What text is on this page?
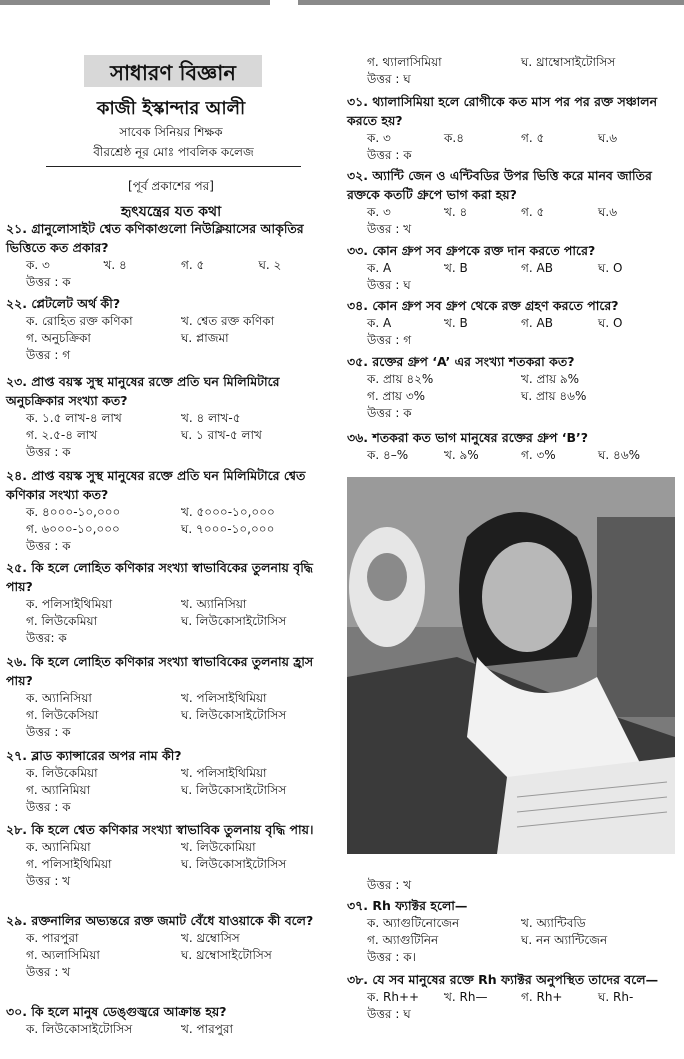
সাধারণ বিজ্ঞান
কাজী ইস্কান্দার আলী
সাবেক সিনিয়র শিক্ষক
বীরশ্রেষ্ঠ নূর মোঃ পাবলিক কলেজ
[পূর্ব প্রকাশের পর]
হৃৎযন্ত্রের যত কথা
২১. গ্রানুলোসাইট শ্বেত কণিকাগুলো নিউক্লিয়াসের আকৃতির ভিত্তিতে কত প্রকার?
ক. ৩	খ. ৪	গ. ৫	ঘ. ২
উত্তর : ক
২২. প্লেটলেট অর্থ কী?
ক. রোহিত রক্ত কণিকা	খ. শ্বেত রক্ত কণিকা
গ. অনুচক্রিকা	ঘ. প্লাজমা
উত্তর : গ
২৩. প্রাপ্ত বয়স্ক সুস্থ মানুষের রক্তে প্রতি ঘন মিলিমিটারে অনুচক্রিকার সংখ্যা কত?
ক. ১.৫ লাখ-৪ লাখ	খ. ৪ লাখ-৫
গ. ২.৫-৪ লাখ	ঘ. ১ রাখ-৫ লাখ
উত্তর : ক
২৪. প্রাপ্ত বয়স্ক সুস্থ মানুষের রক্তে প্রতি ঘন মিলিমিটারে শ্বেত কণিকার সংখ্যা কত?
ক. ৪০০০-১০,০০০	খ. ৫০০০-১০,০০০
গ. ৬০০০-১০,০০০	ঘ. ৭০০০-১০,০০০
উত্তর : ক
২৫. কি হলে লোহিত কণিকার সংখ্যা স্বাভাবিকের তুলনায় বৃদ্ধি পায়?
ক. পলিসাইথিমিয়া	খ. অ্যানিসিয়া
গ. লিউকেমিয়া	ঘ. লিউকোসাইটোসিস
উত্তর: ক
২৬. কি হলে লোহিত কণিকার সংখ্যা স্বাভাবিকের তুলনায় হ্রাস পায়?
ক. অ্যানিসিয়া	খ. পলিসাইথিমিয়া
গ. লিউকেসিয়া	ঘ. লিউকোসাইটোসিস
উত্তর : ক
২৭. ব্লাড ক্যান্সারের অপর নাম কী?
ক. লিউকেমিয়া	খ. পলিসাইথিমিয়া
গ. অ্যানিমিয়া	ঘ. লিউকোসাইটোসিস
উত্তর : ক
২৮. কি হলে শ্বেত কণিকার সংখ্যা স্বাভাবিক তুলনায় বৃদ্ধি পায়।
ক. অ্যানিমিয়া	খ. লিউকোমিয়া
গ. পলিসাইথিমিয়া	ঘ. লিউকোসাইটোসিস
উত্তর : খ
২৯. রক্তনালির অভ্যন্তরে রক্ত জমাট বেঁধে যাওয়াকে কী বলে?
ক. পারপুরা	খ. থ্রম্বোসিস
গ. অ্যলাসিমিয়া	ঘ. থ্রম্বোসাইটোসিস
উত্তর : খ
৩০. কি হলে মানুষ ডেঙ্গুজ্বরে আক্রান্ত হয়?
ক. লিউকোসাইটোসিস	খ. পারপুরা
গ. থ্যালাসিমিয়া	ঘ. থ্রাম্বোসাইটোসিস
উত্তর : ঘ
৩১. থ্যালাসিমিয়া হলে রোগীকে কত মাস পর পর রক্ত সঞ্চালন করতে হয়?
ক. ৩	ক.৪	গ. ৫	ঘ.৬
উত্তর : ক
৩২. অ্যান্টি জেন ও এন্টিবডির উপর ভিত্তি করে মানব জাতির রক্তকে কতটি গ্রুপে ভাগ করা হয়?
ক. ৩	খ. ৪	গ. ৫	ঘ.৬
উত্তর : খ
৩৩. কোন গ্রুপ সব গ্রুপকে রক্ত দান করতে পারে?
ক. A	খ. B	গ. AB	ঘ. O
উত্তর : ঘ
৩৪. কোন গ্রুপ সব গ্রুপ থেকে রক্ত গ্রহণ করতে পারে?
ক. A	খ. B	গ. AB	ঘ. O
উত্তর : গ
৩৫. রক্তের গ্রুপ ‘A’ এর সংখ্যা শতকরা কত?
ক. প্রায় ৪২%	খ. প্রায় ৯%
গ. প্রায় ৩%	ঘ. প্রায় ৪৬%
উত্তর : ক
৩৬. শতকরা কত ভাগ মানুষের রক্তের গ্রুপ ‘B’?
ক. ৪–%	খ. ৯%	গ. ৩%	ঘ. ৪৬%
উত্তর : খ
৩৭. Rh ফ্যাক্টর হলো—
ক. অ্যাগুটিনোজেন	খ. অ্যান্টিবডি
গ. অ্যাগুটিনিন	ঘ. নন অ্যান্টিজেন
উত্তর : ক।
৩৮. যে সব মানুষের রক্তে Rh ফ্যাক্টর অনুপস্থিত তাদের বলে—
ক. Rh++	খ. Rh—	গ. Rh+	ঘ. Rh-
উত্তর : ঘ
